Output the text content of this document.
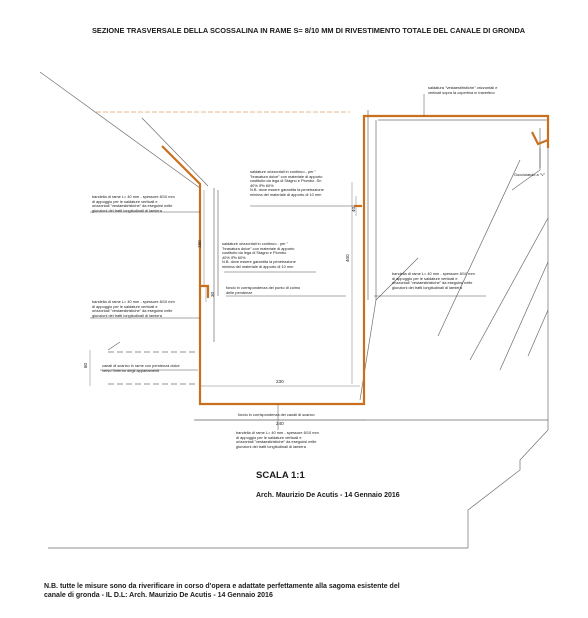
SEZIONE TRASVERSALE DELLA SCOSSALINA IN RAME S= 8/10 MM DI RIVESTIMENTO TOTALE DEL CANALE DI GRONDA

saldatura "vestaestiristiche" orizzontali e
verticali sopra la copertina in travertino

Gocciolatoio a "V"

bandella di rame L= 40 mm - spessore 8/10 mm
di appoggio per le saldature verticali e
orizzontali "vestaestiristiche" da eseguirsi nelle
giunzioni dei tratti longitudinali di lamiera

saldature orizzontali in continuo - per "
"brasatura dolce" con materiale di apporto
costituito da lega di Stagno e Piombo -Sn
40% /Pb 60%
N.B. dove essere garantita la penetrazione
minima del materiale di apporto di 10 mm

saldature orizzontali in continuo - per "
"brasatura dolce" con materiale di apporto
costituito da lega di Stagno e Piombo
40% /Pb 60%
N.B. dove essere garantita la penetrazione
minima del materiale di apporto di 10 mm

bandella di rame L= 40 mm - spessore 8/10 mm
di appoggio per le saldature verticali e
orizzontali "vestaestiristiche" da eseguirsi nelle
giunzioni dei tratti longitudinali di lamiera

fondo in corrispondenza del punto di colmo
delle pendenze

bandella di rame L= 40 mm - spessore 8/10 mm
di appoggio per le saldature verticali e
orizzontali "vestaestiristiche" da eseguirsi nelle
giunzioni dei tratti longitudinali di lamiera

canali di scarico in rame con pendenza dolce
verso l'interno degli appartamenti

fondo in corrispondenza dei canali di scarico

bandella di rame L= 40 mm - spessore 8/10 mm
di appoggio per le saldature verticali e
orizzontali "vestaestiristiche" da eseguirsi nelle
giunzioni dei tratti longitudinali di lamiera

230

240

400

40

180

30

80

SCALA 1:1

Arch. Maurizio De Acutis - 14 Gennaio 2016

N.B. tutte le misure sono da riverificare in corso d'opera e adattate perfettamente alla sagoma esistente del
canale di gronda - IL D.L: Arch. Maurizio De Acutis - 14 Gennaio 2016
